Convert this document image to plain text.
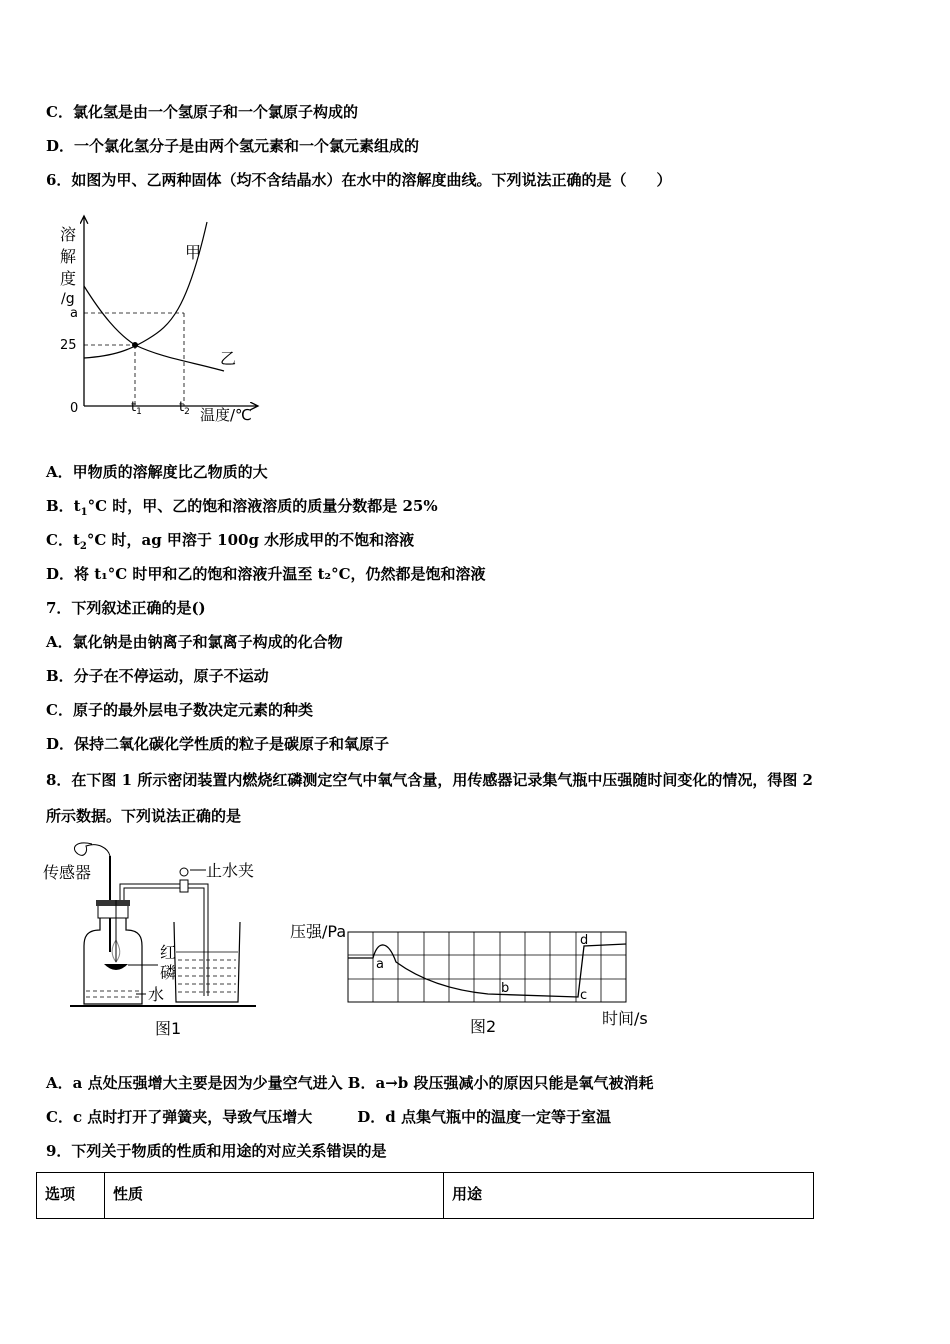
C．氯化氢是由一个氢原子和一个氯原子构成的
D．一个氯化氢分子是由两个氢元素和一个氯元素组成的
6．如图为甲、乙两种固体（均不含结晶水）在水中的溶解度曲线。下列说法正确的是（　　）
溶
解
度
/g
a
25
0	$t_1$	$t_2$ 温度/℃
甲
乙
A．甲物质的溶解度比乙物质的大
B．$t_1^\circ C$ 时，甲、乙的饱和溶液溶质的质量分数都是 25%
C．$t_2^\circ C$ 时，ag 甲溶于 100g 水形成甲的不饱和溶液
D．将 t₁°C 时甲和乙的饱和溶液升温至 t₂°C，仍然都是饱和溶液
7．下列叙述正确的是()
A．氯化钠是由钠离子和氯离子构成的化合物
B．分子在不停运动，原子不运动
C．原子的最外层电子数决定元素的种类
D．保持二氧化碳化学性质的粒子是碳原子和氧原子
8．在下图 1 所示密闭装置内燃烧红磷测定空气中氧气含量，用传感器记录集气瓶中压强随时间变化的情况，得图 2
所示数据。下列说法正确的是
传感器	止水夹
红
磷
水
图1
压强/Pa
a
b	c
d
时间/s
图2
A．a 点处压强增大主要是因为少量空气进入 B．a→b 段压强减小的原因只能是氧气被消耗
C．c 点时打开了弹簧夹，导致气压增大　　　D．d 点集气瓶中的温度一定等于室温
9．下列关于物质的性质和用途的对应关系错误的是
选项	性质	用途
